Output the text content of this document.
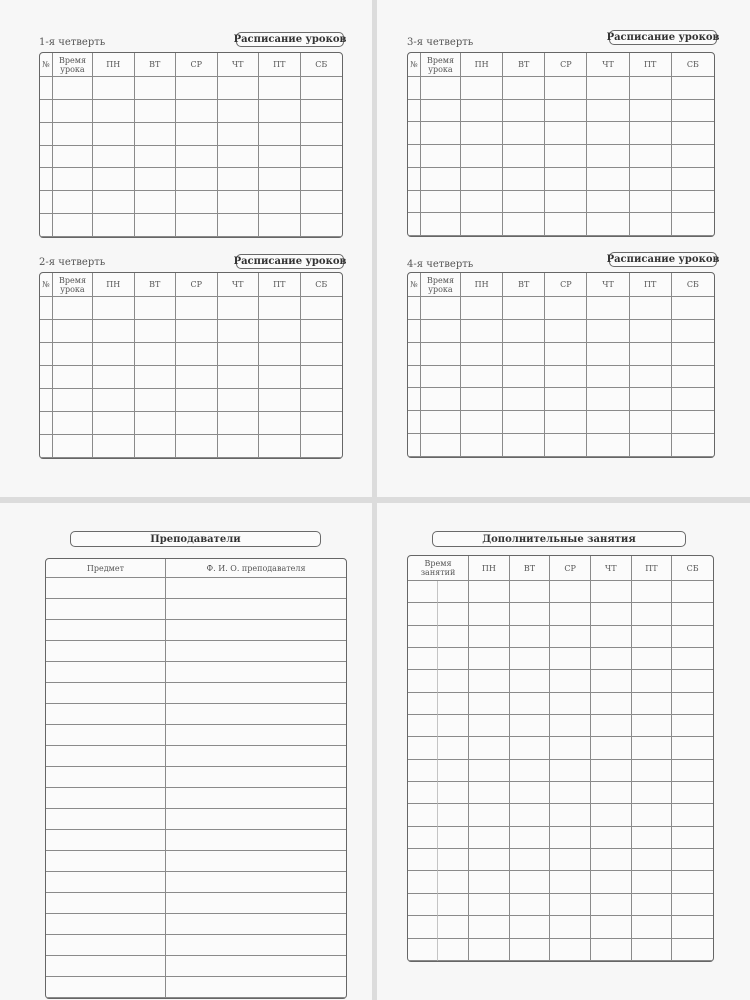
1-я четверть	Расписание уроков
№	Время урока	ПН	ВТ	СР	ЧТ	ПТ	СБ

2-я четверть	Расписание уроков
№	Время урока	ПН	ВТ	СР	ЧТ	ПТ	СБ

3-я четверть	Расписание уроков
№	Время урока	ПН	ВТ	СР	ЧТ	ПТ	СБ

4-я четверть	Расписание уроков
№	Время урока	ПН	ВТ	СР	ЧТ	ПТ	СБ

Преподаватели
Предмет	Ф. И. О. преподавателя

Дополнительные занятия
Время занятий		ПН	ВТ	СР	ЧТ	ПТ	СБ
